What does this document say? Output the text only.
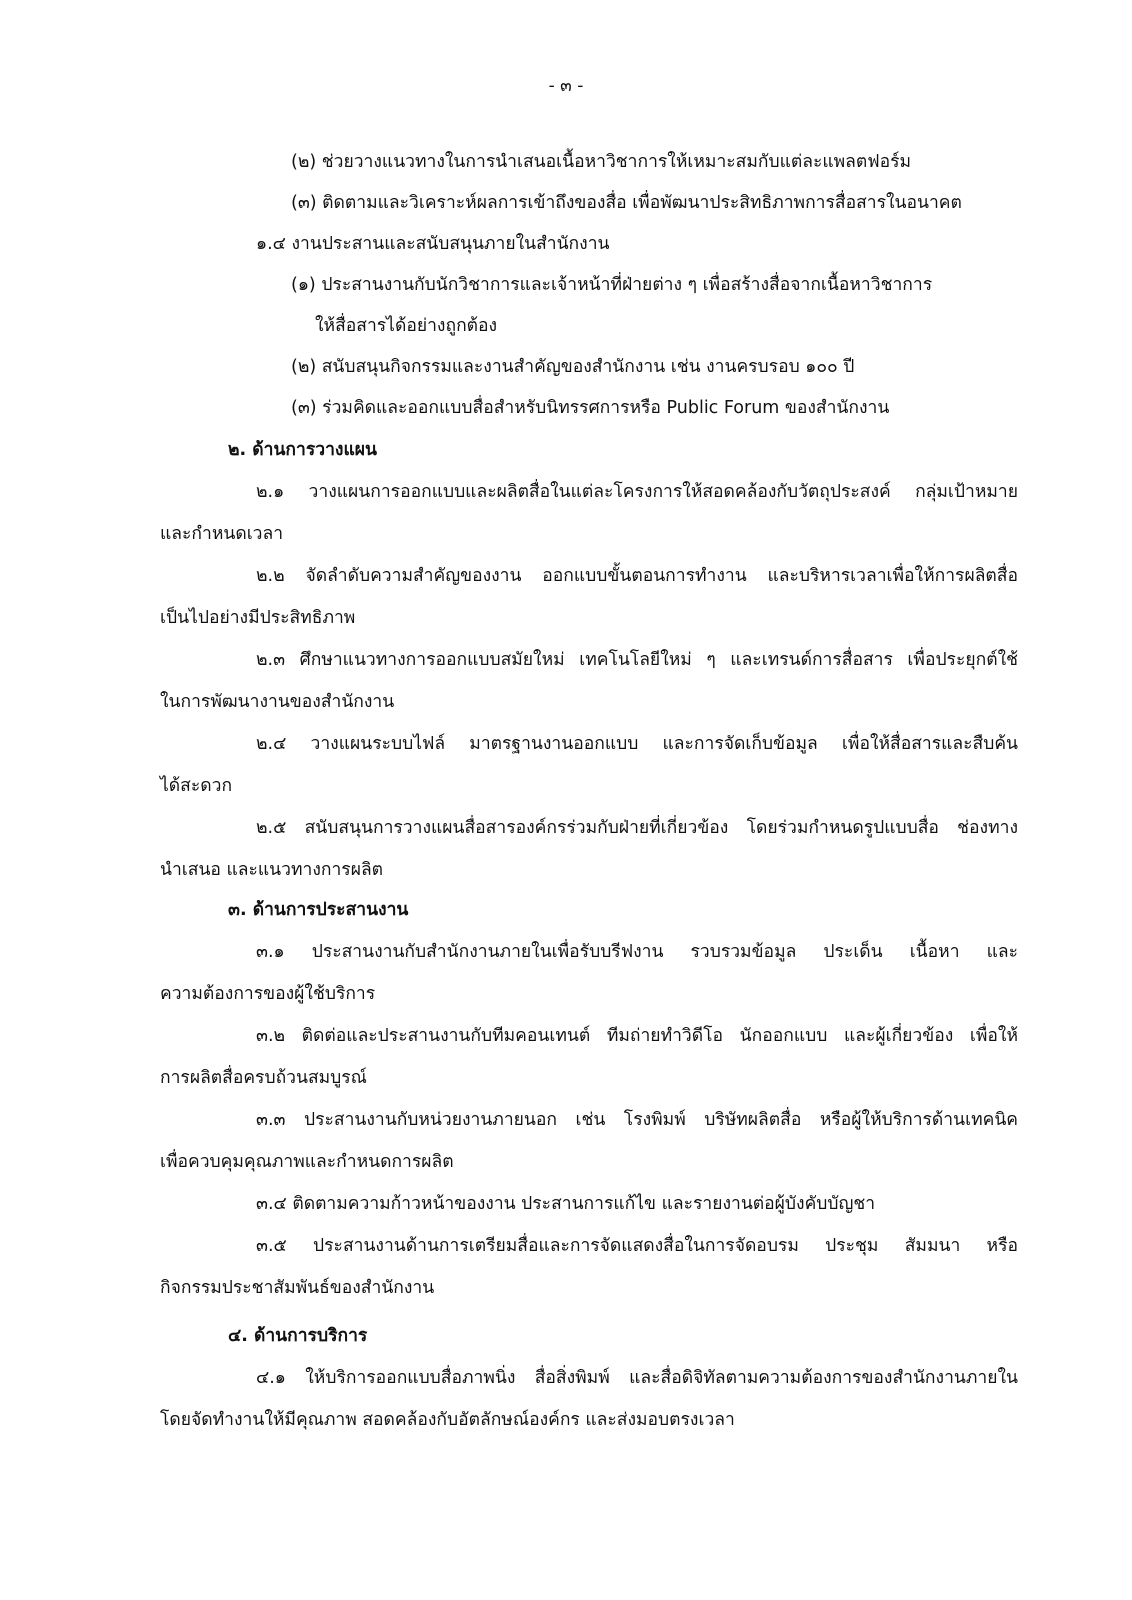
- ๓ -
(๒) ช่วยวางแนวทางในการนำเสนอเนื้อหาวิชาการให้เหมาะสมกับแต่ละแพลตฟอร์ม
(๓) ติดตามและวิเคราะห์ผลการเข้าถึงของสื่อ เพื่อพัฒนาประสิทธิภาพการสื่อสารในอนาคต
๑.๔ งานประสานและสนับสนุนภายในสำนักงาน
(๑) ประสานงานกับนักวิชาการและเจ้าหน้าที่ฝ่ายต่าง ๆ เพื่อสร้างสื่อจากเนื้อหาวิชาการ
ให้สื่อสารได้อย่างถูกต้อง
(๒) สนับสนุนกิจกรรมและงานสำคัญของสำนักงาน เช่น งานครบรอบ ๑๐๐ ปี
(๓) ร่วมคิดและออกแบบสื่อสำหรับนิทรรศการหรือ Public Forum ของสำนักงาน
๒. ด้านการวางแผน
๒.๑ วางแผนการออกแบบและผลิตสื่อในแต่ละโครงการให้สอดคล้องกับวัตถุประสงค์ กลุ่มเป้าหมาย
และกำหนดเวลา
๒.๒ จัดลำดับความสำคัญของงาน ออกแบบขั้นตอนการทำงาน และบริหารเวลาเพื่อให้การผลิตสื่อ
เป็นไปอย่างมีประสิทธิภาพ
๒.๓ ศึกษาแนวทางการออกแบบสมัยใหม่ เทคโนโลยีใหม่ ๆ และเทรนด์การสื่อสาร เพื่อประยุกต์ใช้
ในการพัฒนางานของสำนักงาน
๒.๔ วางแผนระบบไฟล์ มาตรฐานงานออกแบบ และการจัดเก็บข้อมูล เพื่อให้สื่อสารและสืบค้น
ได้สะดวก
๒.๕ สนับสนุนการวางแผนสื่อสารองค์กรร่วมกับฝ่ายที่เกี่ยวข้อง โดยร่วมกำหนดรูปแบบสื่อ ช่องทาง
นำเสนอ และแนวทางการผลิต
๓. ด้านการประสานงาน
๓.๑ ประสานงานกับสำนักงานภายในเพื่อรับบรีฟงาน รวบรวมข้อมูล ประเด็น เนื้อหา และ
ความต้องการของผู้ใช้บริการ
๓.๒ ติดต่อและประสานงานกับทีมคอนเทนต์ ทีมถ่ายทำวิดีโอ นักออกแบบ และผู้เกี่ยวข้อง เพื่อให้
การผลิตสื่อครบถ้วนสมบูรณ์
๓.๓ ประสานงานกับหน่วยงานภายนอก เช่น โรงพิมพ์ บริษัทผลิตสื่อ หรือผู้ให้บริการด้านเทคนิค
เพื่อควบคุมคุณภาพและกำหนดการผลิต
๓.๔ ติดตามความก้าวหน้าของงาน ประสานการแก้ไข และรายงานต่อผู้บังคับบัญชา
๓.๕ ประสานงานด้านการเตรียมสื่อและการจัดแสดงสื่อในการจัดอบรม ประชุม สัมมนา หรือ
กิจกรรมประชาสัมพันธ์ของสำนักงาน
๔. ด้านการบริการ
๔.๑ ให้บริการออกแบบสื่อภาพนิ่ง สื่อสิ่งพิมพ์ และสื่อดิจิทัลตามความต้องการของสำนักงานภายใน
โดยจัดทำงานให้มีคุณภาพ สอดคล้องกับอัตลักษณ์องค์กร และส่งมอบตรงเวลา
